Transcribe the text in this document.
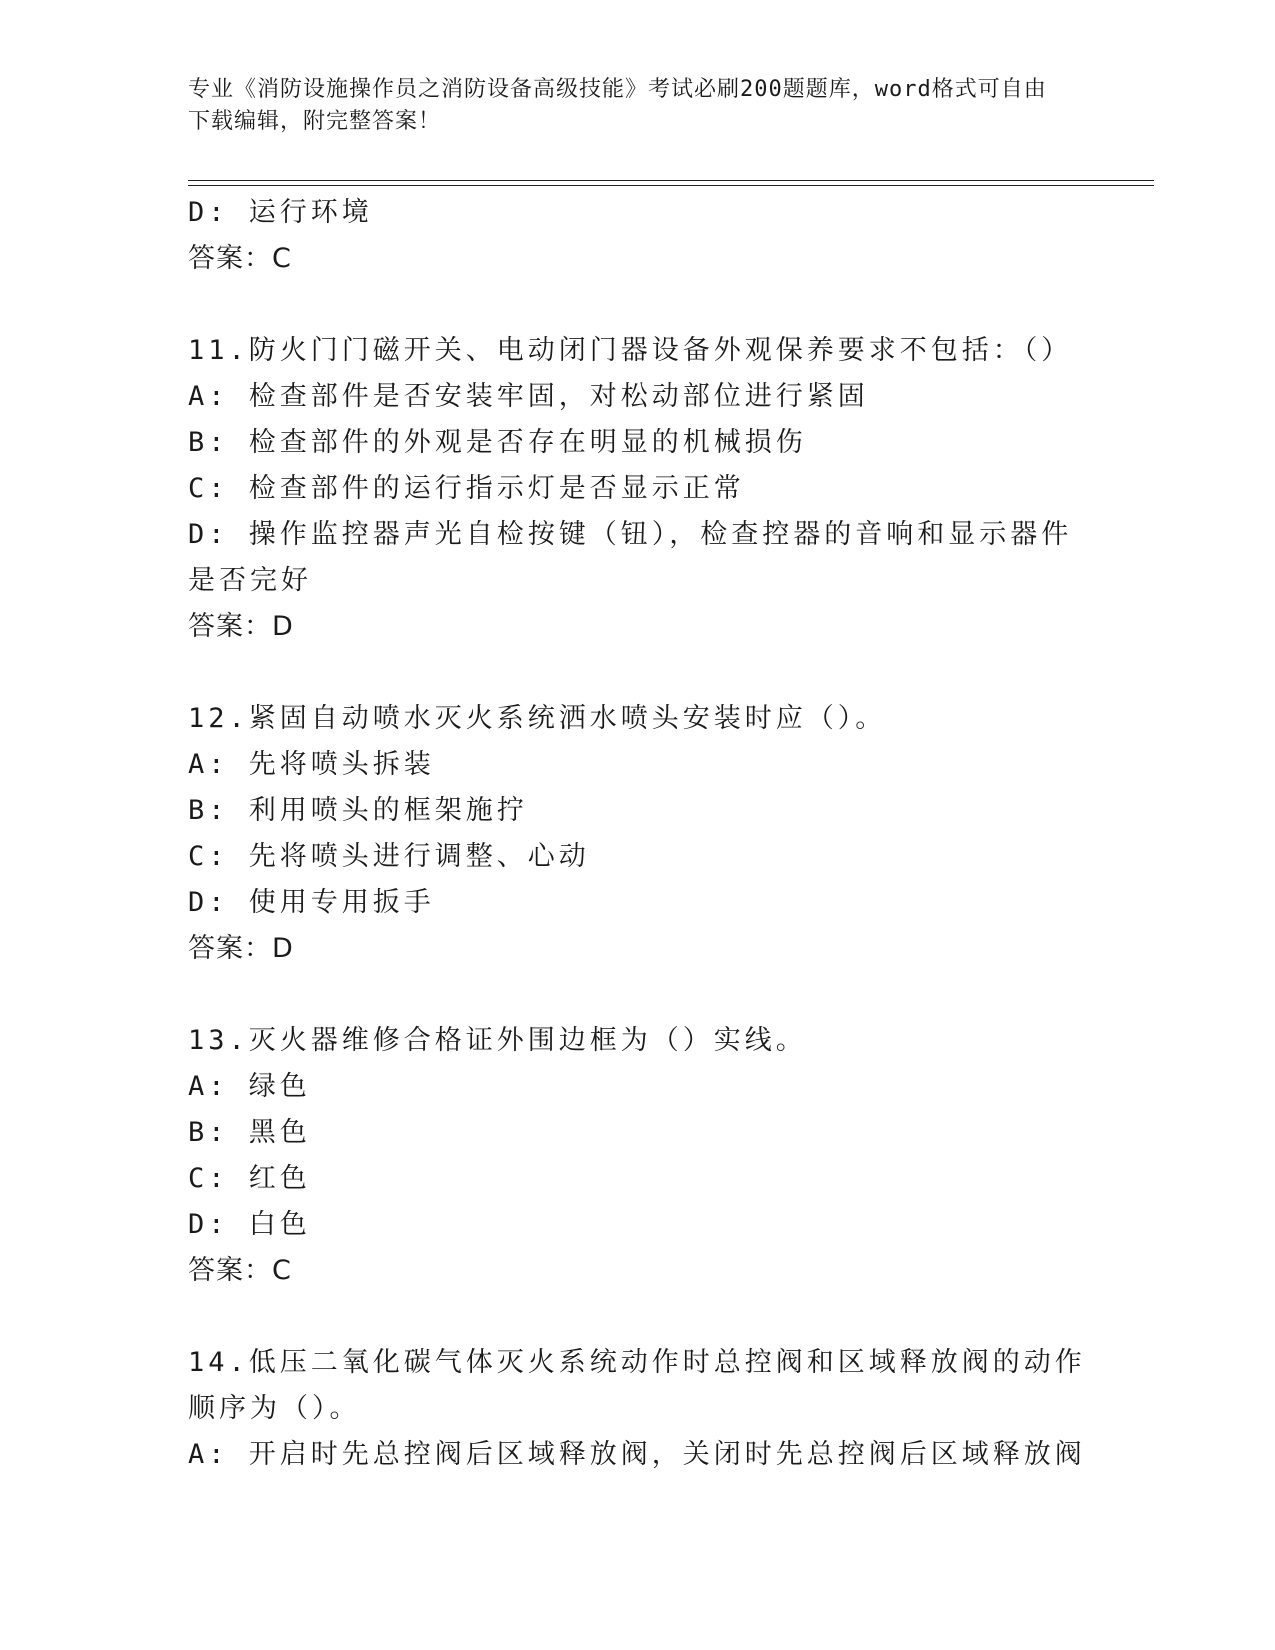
专业《消防设施操作员之消防设备高级技能》考试必刷200题题库，word格式可自由下载编辑，附完整答案！
D: 运行环境
答案：C
11.防火门门磁开关、电动闭门器设备外观保养要求不包括：（）
A: 检查部件是否安装牢固，对松动部位进行紧固
B: 检查部件的外观是否存在明显的机械损伤
C: 检查部件的运行指示灯是否显示正常
D: 操作监控器声光自检按键（钮），检查控器的音响和显示器件是否完好
答案：D
12.紧固自动喷水灭火系统洒水喷头安装时应（）。
A: 先将喷头拆装
B: 利用喷头的框架施拧
C: 先将喷头进行调整、心动
D: 使用专用扳手
答案：D
13.灭火器维修合格证外围边框为（）实线。
A: 绿色
B: 黑色
C: 红色
D: 白色
答案：C
14.低压二氧化碳气体灭火系统动作时总控阀和区域释放阀的动作顺序为（）。
A: 开启时先总控阀后区域释放阀，关闭时先总控阀后区域释放阀
